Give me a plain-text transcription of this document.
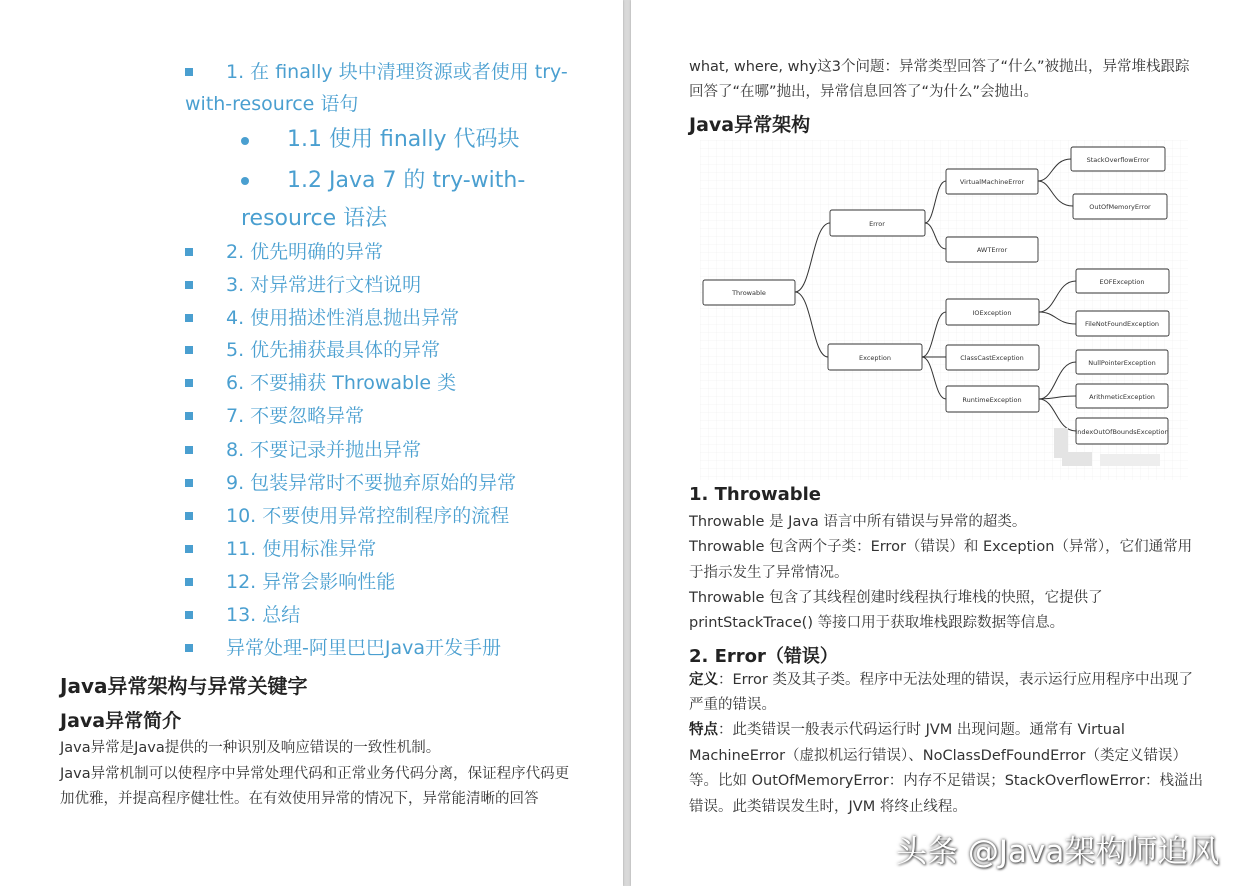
1. 在 finally 块中清理资源或者使用 try-
with-resource 语句
1.1 使用 finally 代码块
1.2 Java 7 的 try-with-
resource 语法
2. 优先明确的异常
3. 对异常进行文档说明
4. 使用描述性消息抛出异常
5. 优先捕获最具体的异常
6. 不要捕获 Throwable 类
7. 不要忽略异常
8. 不要记录并抛出异常
9. 包装异常时不要抛弃原始的异常
10. 不要使用异常控制程序的流程
11. 使用标准异常
12. 异常会影响性能
13. 总结
异常处理-阿里巴巴Java开发手册
Java异常架构与异常关键字
Java异常简介

Java异常是Java提供的一种识别及响应错误的一致性机制。

Java异常机制可以使程序中异常处理代码和正常业务代码分离，保证程序代码更

加优雅，并提高程序健壮性。在有效使用异常的情况下，异常能清晰的回答

what, where, why这3个问题：异常类型回答了“什么”被抛出，异常堆栈跟踪

回答了“在哪”抛出，异常信息回答了“为什么”会抛出。

Java异常架构
Throwable
Error
Exception
VirtualMachineError
AWTError
StackOverflowError
OutOfMemoryError
IOException
ClassCastException
RuntimeException
EOFException
FileNotFoundException
NullPointerException
ArithmeticException
IndexOutOfBoundsException
1. Throwable

Throwable 是 Java 语言中所有错误与异常的超类。

Throwable 包含两个子类：Error（错误）和 Exception（异常），它们通常用

于指示发生了异常情况。

Throwable 包含了其线程创建时线程执行堆栈的快照，它提供了

printStackTrace() 等接口用于获取堆栈跟踪数据等信息。

2. Error（错误）

定义：Error 类及其子类。程序中无法处理的错误，表示运行应用程序中出现了

严重的错误。

特点：此类错误一般表示代码运行时 JVM 出现问题。通常有 Virtual

MachineError（虚拟机运行错误）、NoClassDefFoundError（类定义错误）

等。比如 OutOfMemoryError：内存不足错误；StackOverflowError：栈溢出

错误。此类错误发生时，JVM 将终止线程。

头条 @Java架构师追风
